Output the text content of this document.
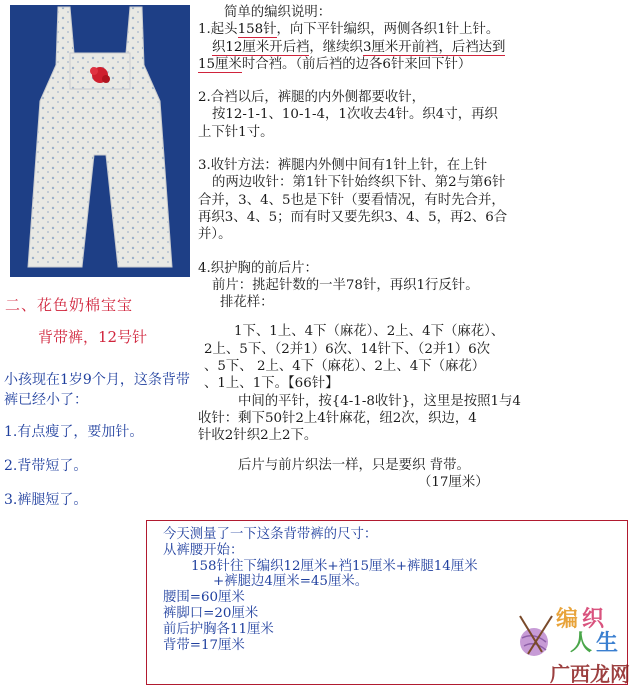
二、花色奶棉宝宝
背带裤，12号针
小孩现在1岁9个月，这条背带裤已经小了：
1.有点瘦了，要加针。
2.背带短了。
3.裤腿短了。

简单的编织说明：

1.起头158针，向下平针编织，两侧各织1针上针。

织12厘米开后裆，继续织3厘米开前裆，后裆达到

15厘米时合裆。（前后裆的边各6针来回下针）

2.合裆以后，裤腿的内外侧都要收针，

按12-1-1、10-1-4，1次收去4针。织4寸，再织

上下针1寸。

3.收针方法：裤腿内外侧中间有1针上针，在上针

的两边收针：第1针下针始终织下针、第2与第6针

合并，3、4、5也是下针（要看情况，有时先合并，

再织3、4、5；而有时又要先织3、4、5，再2、6合

并）。

4.织护胸的前后片：

前片：挑起针数的一半78针，再织1行反针。

排花样：

1下、1上、4下（麻花）、2上、4下（麻花）、

2上、5下、（2并1）6次、14针下、（2并1）6次

、5下、 2上、4下（麻花）、2上、4下（麻花）

、1上、1下。【66针】

中间的平针，按{4-1-8收针}，这里是按照1与4

收针：剩下50针2上4针麻花，纽2次，织边，4

针收2针织2上2下。

后片与前片织法一样，只是要织 背带。

（17厘米）

今天测量了一下这条背带裤的尺寸：
从裤腰开始：
158针往下编织12厘米+裆15厘米+裤腿14厘米
+裤腿边4厘米=45厘米。
腰围=60厘米
裤脚口=20厘米
前后护胸各11厘米
背带=17厘米
编 织
人 生
广西龙网
